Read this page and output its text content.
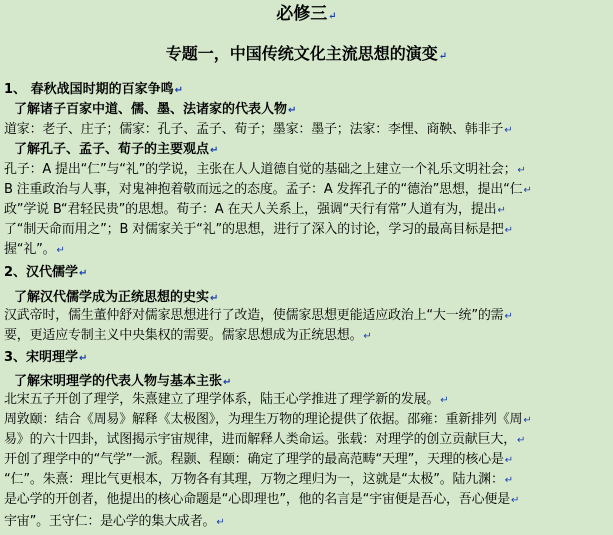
必修三↵
专题一，中国传统文化主流思想的演变↵
1、 春秋战国时期的百家争鸣↵
了解诸子百家中道、儒、墨、法诸家的代表人物↵
道家：老子、庄子；儒家：孔子、孟子、荀子；墨家：墨子；法家：李悝、商鞅、韩非子↵
了解孔子、孟子、荀子的主要观点↵
孔子：A 提出“仁”与“礼”的学说，主张在人人道德自觉的基础之上建立一个礼乐文明社会；↵
B 注重政治与人事，对鬼神抱着敬而远之的态度。孟子：A 发挥孔子的“德治”思想，提出“仁↵
政”学说 B“君轻民贵”的思想。荀子：A 在天人关系上，强调“天行有常”人道有为，提出↵
了“制天命而用之”；B 对儒家关于“礼”的思想，进行了深入的讨论，学习的最高目标是把↵
握“礼”。↵
2、汉代儒学↵
了解汉代儒学成为正统思想的史实↵
汉武帝时，儒生董仲舒对儒家思想进行了改造，使儒家思想更能适应政治上“大一统”的需↵
要，更适应专制主义中央集权的需要。儒家思想成为正统思想。↵
3、宋明理学↵
了解宋明理学的代表人物与基本主张↵
北宋五子开创了理学，朱熹建立了理学体系，陆王心学推进了理学新的发展。↵
周敦颐：结合《周易》解释《太极图》，为理生万物的理论提供了依据。邵雍：重新排列《周↵
易》的六十四卦，试图揭示宇宙规律，进而解释人类命运。张载：对理学的创立贡献巨大，↵
开创了理学中的“气学”一派。程颢、程颐：确定了理学的最高范畴“天理”，天理的核心是↵
“仁”。朱熹：理比气更根本，万物各有其理，万物之理归为一，这就是“太极”。陆九渊：↵
是心学的开创者，他提出的核心命题是“心即理也”，他的名言是“宇宙便是吾心，吾心便是↵
宇宙”。王守仁：是心学的集大成者。↵
